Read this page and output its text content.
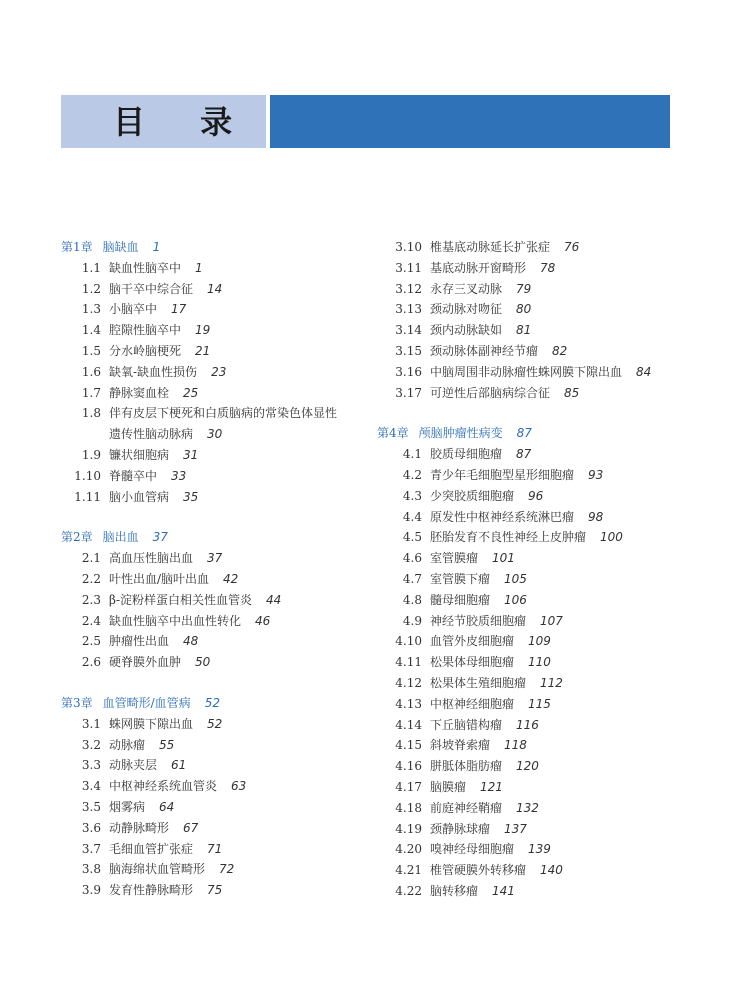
目 录
第1章 脑缺血 1
1.1 缺血性脑卒中 1
1.2 脑干卒中综合征 14
1.3 小脑卒中 17
1.4 腔隙性脑卒中 19
1.5 分水岭脑梗死 21
1.6 缺氧-缺血性损伤 23
1.7 静脉窦血栓 25
1.8 伴有皮层下梗死和白质脑病的常染色体显性
遗传性脑动脉病 30
1.9 镰状细胞病 31
1.10 脊髓卒中 33
1.11 脑小血管病 35
第2章 脑出血 37
2.1 高血压性脑出血 37
2.2 叶性出血/脑叶出血 42
2.3 β-淀粉样蛋白相关性血管炎 44
2.4 缺血性脑卒中出血性转化 46
2.5 肿瘤性出血 48
2.6 硬脊膜外血肿 50
第3章 血管畸形/血管病 52
3.1 蛛网膜下隙出血 52
3.2 动脉瘤 55
3.3 动脉夹层 61
3.4 中枢神经系统血管炎 63
3.5 烟雾病 64
3.6 动静脉畸形 67
3.7 毛细血管扩张症 71
3.8 脑海绵状血管畸形 72
3.9 发育性静脉畸形 75
3.10 椎基底动脉延长扩张症 76
3.11 基底动脉开窗畸形 78
3.12 永存三叉动脉 79
3.13 颈动脉对吻征 80
3.14 颈内动脉缺如 81
3.15 颈动脉体副神经节瘤 82
3.16 中脑周围非动脉瘤性蛛网膜下隙出血 84
3.17 可逆性后部脑病综合征 85
第4章 颅脑肿瘤性病变 87
4.1 胶质母细胞瘤 87
4.2 青少年毛细胞型星形细胞瘤 93
4.3 少突胶质细胞瘤 96
4.4 原发性中枢神经系统淋巴瘤 98
4.5 胚胎发育不良性神经上皮肿瘤 100
4.6 室管膜瘤 101
4.7 室管膜下瘤 105
4.8 髓母细胞瘤 106
4.9 神经节胶质细胞瘤 107
4.10 血管外皮细胞瘤 109
4.11 松果体母细胞瘤 110
4.12 松果体生殖细胞瘤 112
4.13 中枢神经细胞瘤 115
4.14 下丘脑错构瘤 116
4.15 斜坡脊索瘤 118
4.16 胼胝体脂肪瘤 120
4.17 脑膜瘤 121
4.18 前庭神经鞘瘤 132
4.19 颈静脉球瘤 137
4.20 嗅神经母细胞瘤 139
4.21 椎管硬膜外转移瘤 140
4.22 脑转移瘤 141
